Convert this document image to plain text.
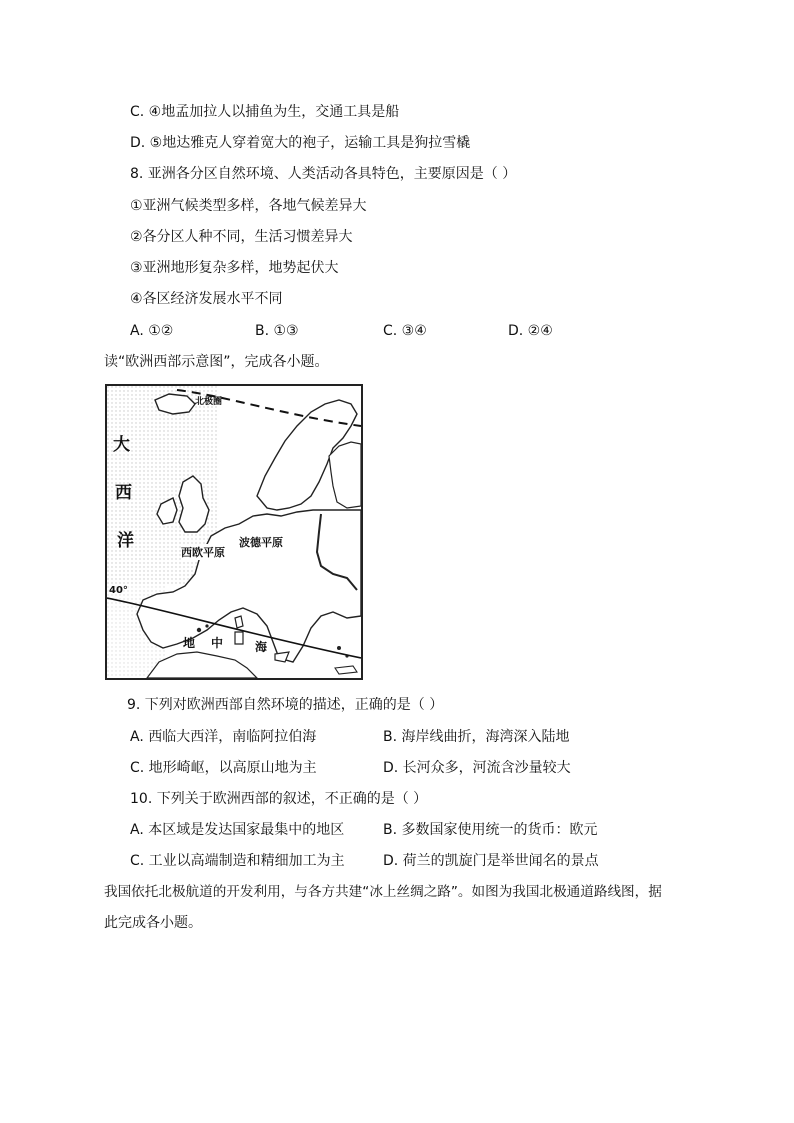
C. ④地孟加拉人以捕鱼为生，交通工具是船
D. ⑤地达雅克人穿着宽大的袍子，运输工具是狗拉雪橇
8. 亚洲各分区自然环境、人类活动各具特色，主要原因是（ ）
①亚洲气候类型多样，各地气候差异大
②各分区人种不同，生活习惯差异大
③亚洲地形复杂多样，地势起伏大
④各区经济发展水平不同
A. ①②	B. ①③	C. ③④	D. ②④
读“欧洲西部示意图”，完成各小题。
北极圈
大
西
洋
西欧平原
波德平原
40°
地 中	海
9. 下列对欧洲西部自然环境的描述，正确的是（ ）
A. 西临大西洋，南临阿拉伯海	B. 海岸线曲折，海湾深入陆地
C. 地形崎岖，以高原山地为主	D. 长河众多，河流含沙量较大
10. 下列关于欧洲西部的叙述，不正确的是（ ）
A. 本区域是发达国家最集中的地区	B. 多数国家使用统一的货币：欧元
C. 工业以高端制造和精细加工为主	D. 荷兰的凯旋门是举世闻名的景点
我国依托北极航道的开发利用，与各方共建“冰上丝绸之路”。如图为我国北极通道路线图，据
此完成各小题。
